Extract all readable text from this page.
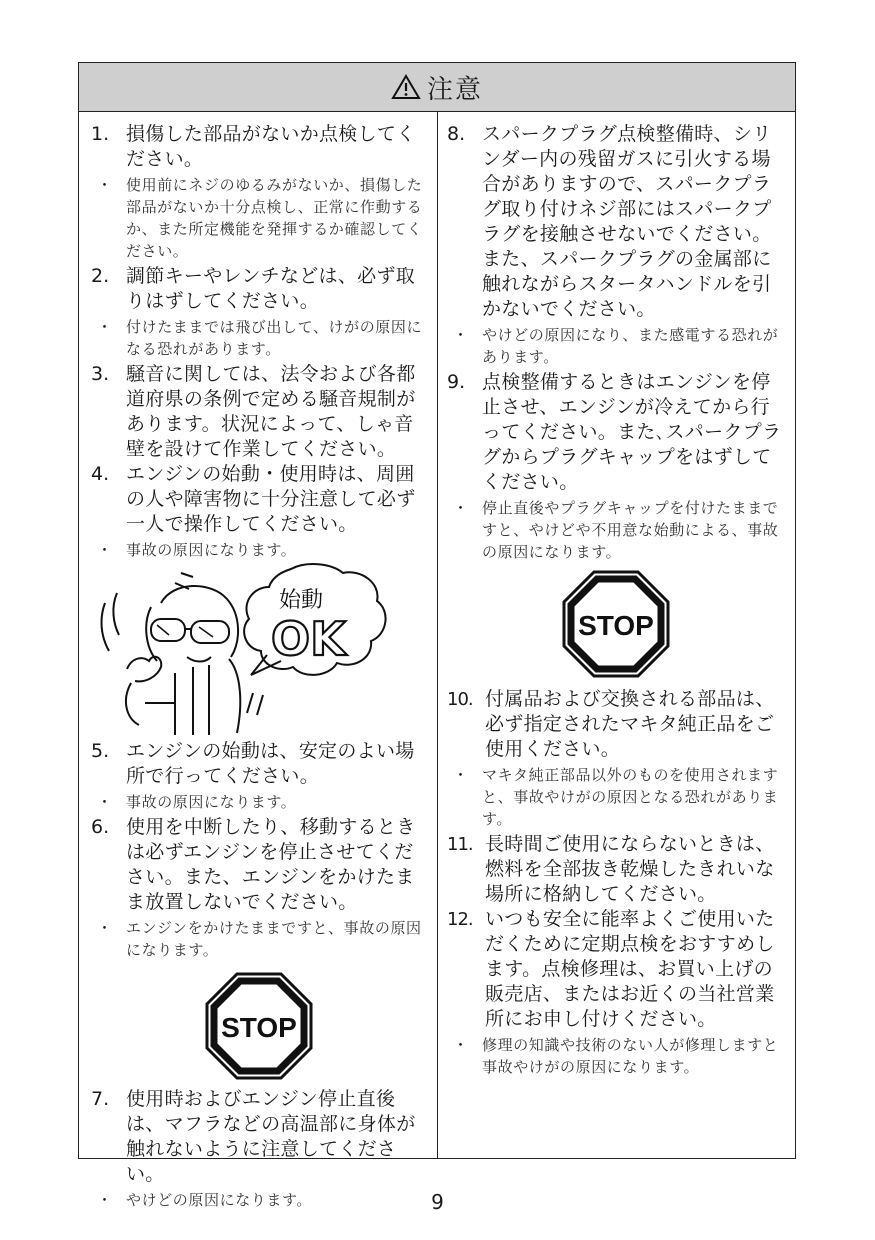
注意
1. 損傷した部品がないか点検してください。
・ 使用前にネジのゆるみがないか、損傷した部品がないか十分点検し、正常に作動するか、また所定機能を発揮するか確認してください。
2. 調節キーやレンチなどは、必ず取りはずしてください。
・ 付けたままでは飛び出して、けがの原因になる恐れがあります。
3. 騒音に関しては、法令および各都道府県の条例で定める騒音規制があります。状況によって、しゃ音壁を設けて作業してください。
4. エンジンの始動・使用時は、周囲の人や障害物に十分注意して必ず一人で操作してください。
・ 事故の原因になります。
始動
OK
5. エンジンの始動は、安定のよい場所で行ってください。
・ 事故の原因になります。
6. 使用を中断したり、移動するときは必ずエンジンを停止させてください。また、エンジンをかけたまま放置しないでください。
・ エンジンをかけたままですと、事故の原因になります。
STOP
7. 使用時およびエンジン停止直後は、マフラなどの高温部に身体が触れないように注意してください。
・ やけどの原因になります。
8. スパークプラグ点検整備時、シリンダー内の残留ガスに引火する場合がありますので、スパークプラグ取り付けネジ部にはスパークプラグを接触させないでください。
また、スパークプラグの金属部に触れながらスタータハンドルを引かないでください。
・ やけどの原因になり、また感電する恐れがあります。
9. 点検整備するときはエンジンを停止させ、エンジンが冷えてから行ってください。また､スパークプラグからプラグキャップをはずしてください。
・ 停止直後やプラグキャップを付けたままですと、やけどや不用意な始動による、事故の原因になります。
STOP
10. 付属品および交換される部品は、必ず指定されたマキタ純正品をご使用ください。
・ マキタ純正部品以外のものを使用されますと、事故やけがの原因となる恐れがあります。
11. 長時間ご使用にならないときは、燃料を全部抜き乾燥したきれいな場所に格納してください。
12. いつも安全に能率よくご使用いただくために定期点検をおすすめします。点検修理は、お買い上げの販売店、またはお近くの当社営業所にお申し付けください。
・ 修理の知識や技術のない人が修理しますと事故やけがの原因になります。
9
